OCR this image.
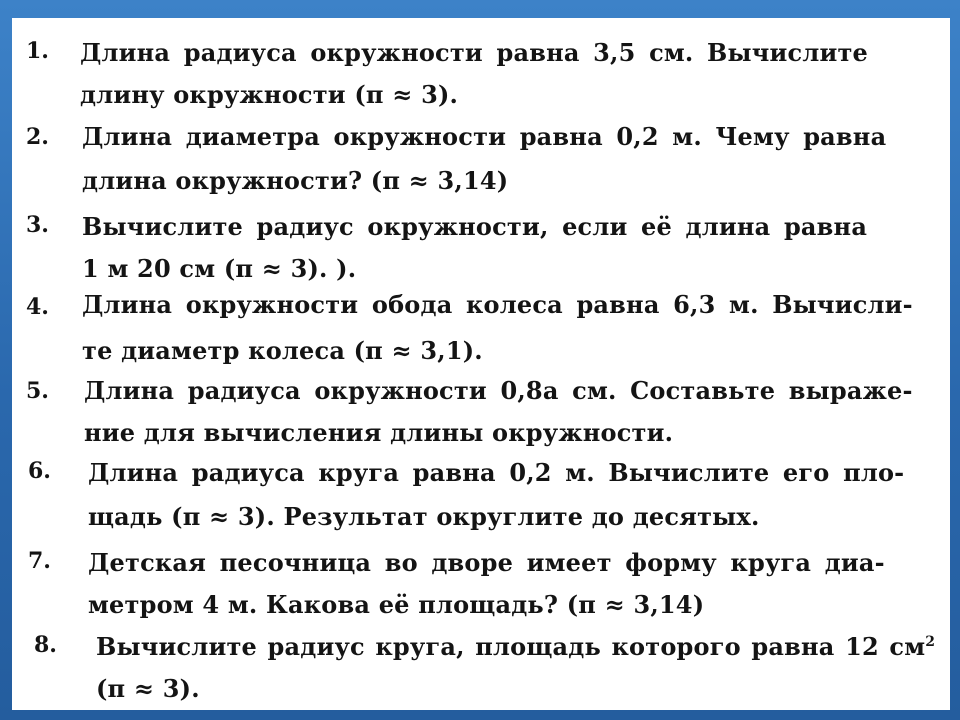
1. Длина радиуса окружности равна 3,5 см. Вычислите
длину окружности (π ≈ 3).
2. Длина диаметра окружности равна 0,2 м. Чему равна
длина окружности? (π ≈ 3,14)
3. Вычислите радиус окружности, если её длина равна
1 м 20 см (π ≈ 3). ).
4. Длина окружности обода колеса равна 6,3 м. Вычисли-
те диаметр колеса (π ≈ 3,1).
5. Длина радиуса окружности 0,8a см. Составьте выраже-
ние для вычисления длины окружности.
6. Длина радиуса круга равна 0,2 м. Вычислите его пло-
щадь (π ≈ 3). Результат округлите до десятых.
7. Детская песочница во дворе имеет форму круга диа-
метром 4 м. Какова её площадь? (π ≈ 3,14)
8. Вычислите радиус круга, площадь которого равна 12 $см^2$
(π ≈ 3).
